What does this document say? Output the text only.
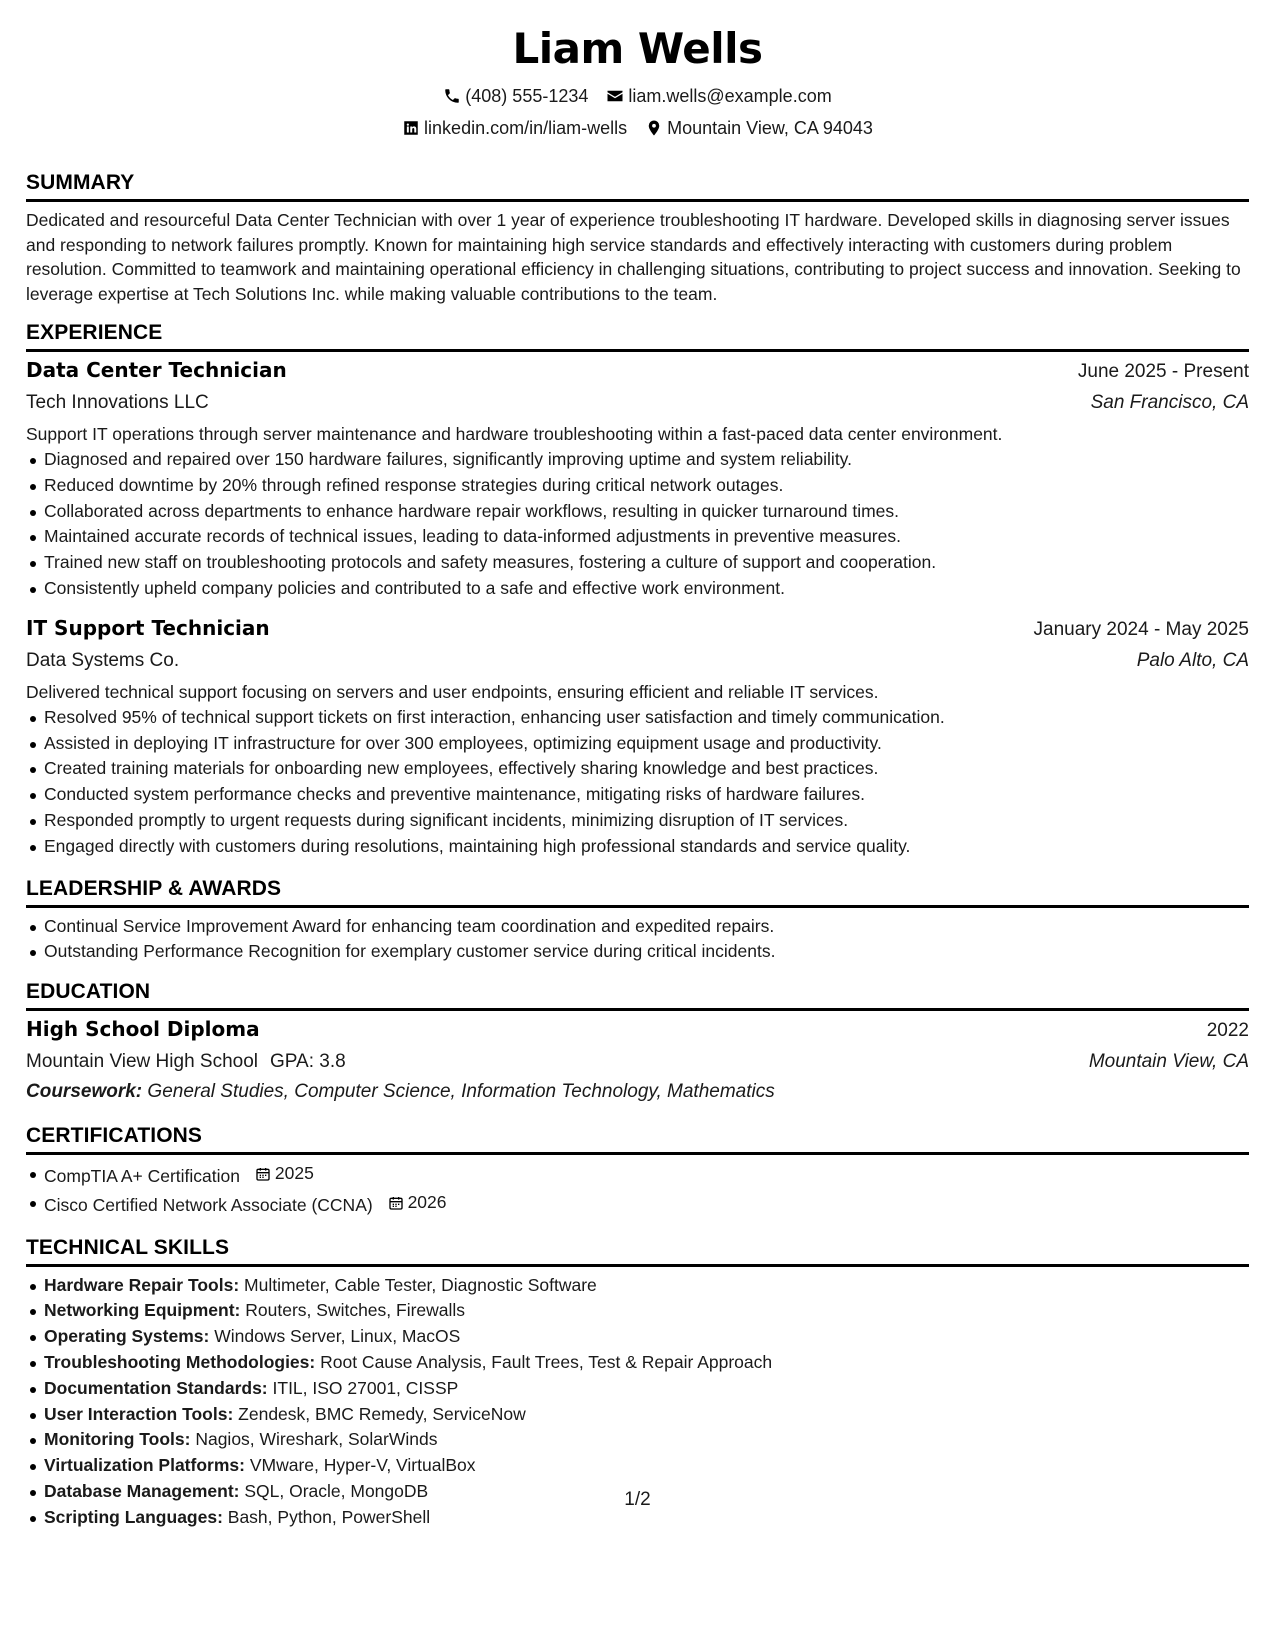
Liam Wells
(408) 555-1234 liam.wells@example.com
linkedin.com/in/liam-wells Mountain View, CA 94043
SUMMARY

Dedicated and resourceful Data Center Technician with over 1 year of experience troubleshooting IT hardware. Developed skills in diagnosing server issues and responding to network failures promptly. Known for maintaining high service standards and effectively interacting with customers during problem resolution. Committed to teamwork and maintaining operational efficiency in challenging situations, contributing to project success and innovation. Seeking to leverage expertise at Tech Solutions Inc. while making valuable contributions to the team.

EXPERIENCE
Data Center Technician	June 2025 - Present
Tech Innovations LLC	San Francisco, CA

Support IT operations through server maintenance and hardware troubleshooting within a fast-paced data center environment.

Diagnosed and repaired over 150 hardware failures, significantly improving uptime and system reliability.
Reduced downtime by 20% through refined response strategies during critical network outages.
Collaborated across departments to enhance hardware repair workflows, resulting in quicker turnaround times.
Maintained accurate records of technical issues, leading to data-informed adjustments in preventive measures.
Trained new staff on troubleshooting protocols and safety measures, fostering a culture of support and cooperation.
Consistently upheld company policies and contributed to a safe and effective work environment.
IT Support Technician	January 2024 - May 2025
Data Systems Co.	Palo Alto, CA

Delivered technical support focusing on servers and user endpoints, ensuring efficient and reliable IT services.

Resolved 95% of technical support tickets on first interaction, enhancing user satisfaction and timely communication.
Assisted in deploying IT infrastructure for over 300 employees, optimizing equipment usage and productivity.
Created training materials for onboarding new employees, effectively sharing knowledge and best practices.
Conducted system performance checks and preventive maintenance, mitigating risks of hardware failures.
Responded promptly to urgent requests during significant incidents, minimizing disruption of IT services.
Engaged directly with customers during resolutions, maintaining high professional standards and service quality.
LEADERSHIP & AWARDS
Continual Service Improvement Award for enhancing team coordination and expedited repairs.
Outstanding Performance Recognition for exemplary customer service during critical incidents.
EDUCATION
High School Diploma	2022
Mountain View High School GPA: 3.8	Mountain View, CA
Coursework: General Studies, Computer Science, Information Technology, Mathematics
CERTIFICATIONS
CompTIA A+ Certification 2025
Cisco Certified Network Associate (CCNA) 2026
TECHNICAL SKILLS
Hardware Repair Tools: Multimeter, Cable Tester, Diagnostic Software
Networking Equipment: Routers, Switches, Firewalls
Operating Systems: Windows Server, Linux, MacOS
Troubleshooting Methodologies: Root Cause Analysis, Fault Trees, Test & Repair Approach
Documentation Standards: ITIL, ISO 27001, CISSP
User Interaction Tools: Zendesk, BMC Remedy, ServiceNow
Monitoring Tools: Nagios, Wireshark, SolarWinds
Virtualization Platforms: VMware, Hyper-V, VirtualBox
Database Management: SQL, Oracle, MongoDB
Scripting Languages: Bash, Python, PowerShell
1/2
